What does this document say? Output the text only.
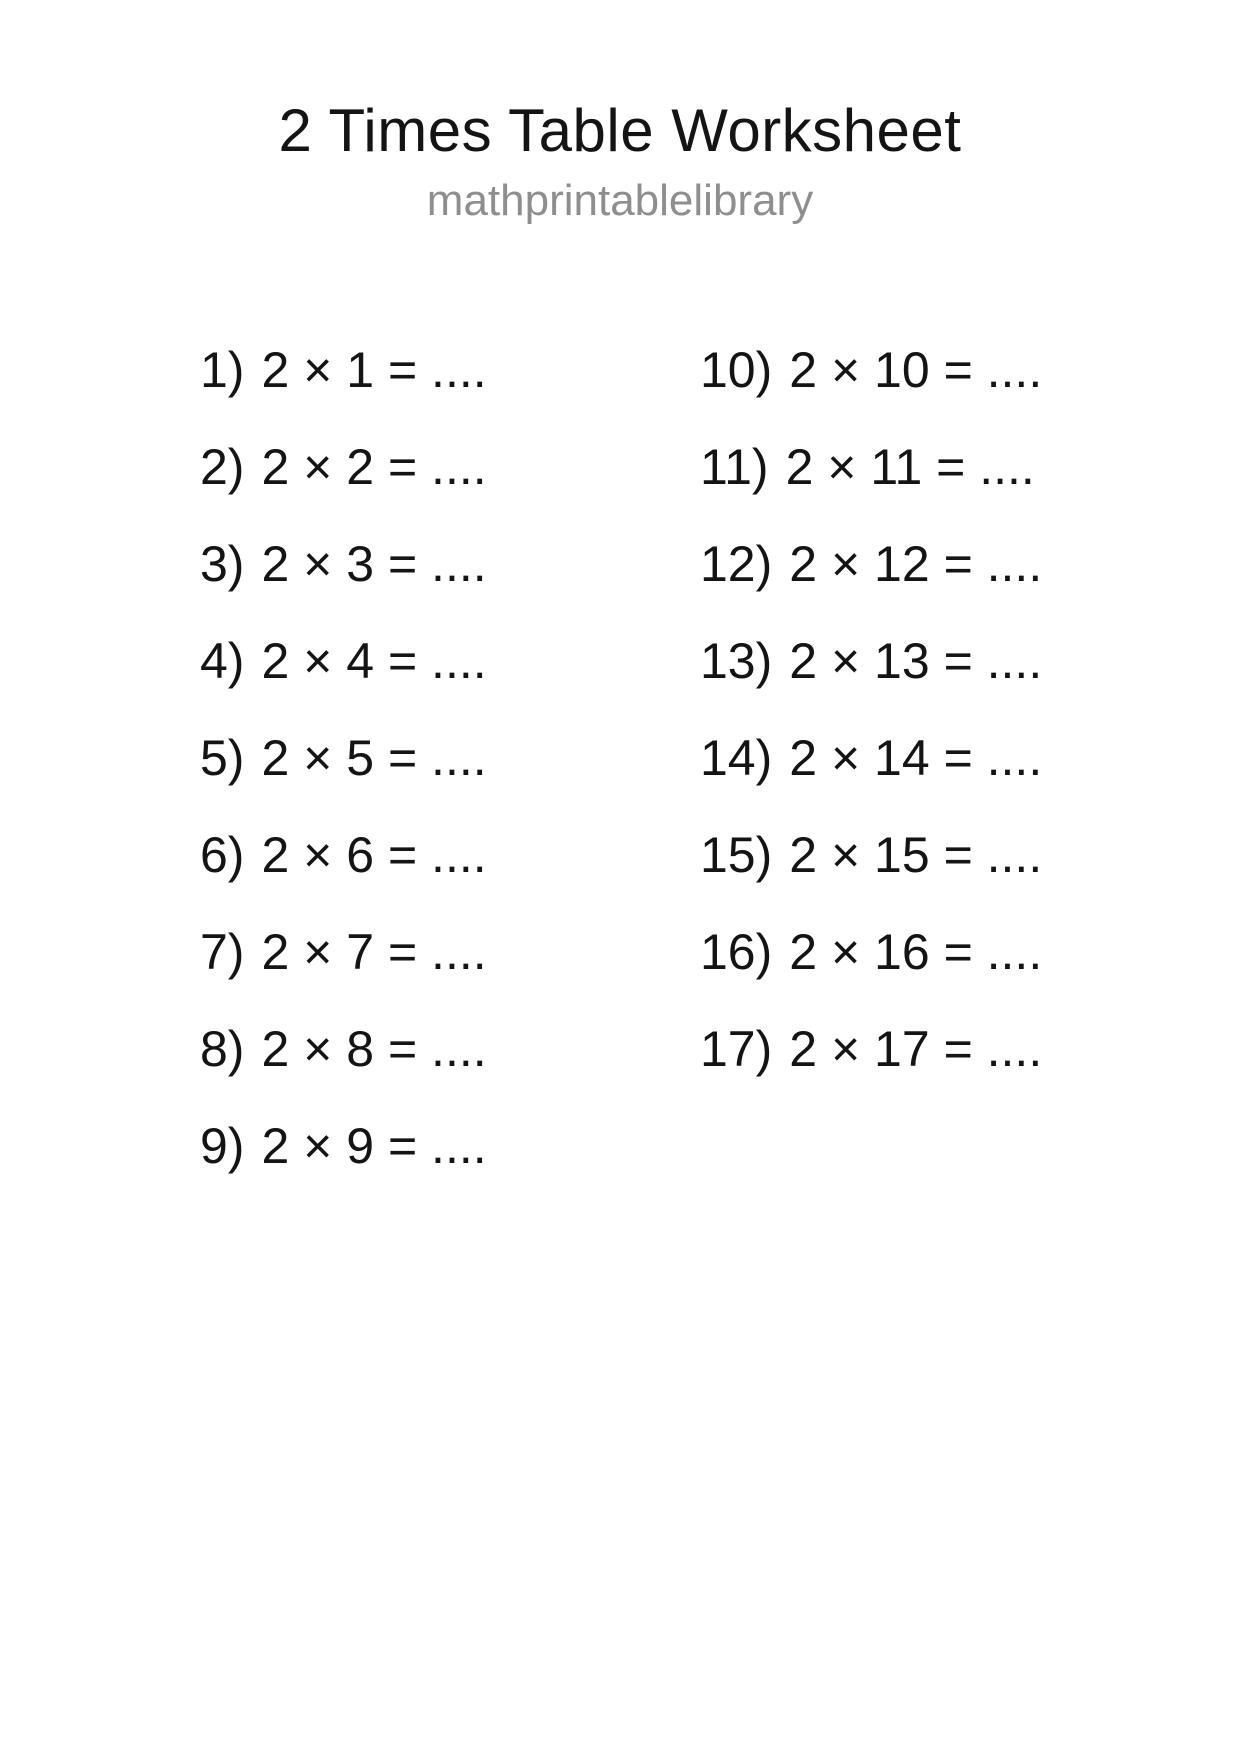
2 Times Table Worksheet
mathprintablelibrary
1) 2 × 1 = ....
2) 2 × 2 = ....
3) 2 × 3 = ....
4) 2 × 4 = ....
5) 2 × 5 = ....
6) 2 × 6 = ....
7) 2 × 7 = ....
8) 2 × 8 = ....
9) 2 × 9 = ....
10) 2 × 10 = ....
11) 2 × 11 = ....
12) 2 × 12 = ....
13) 2 × 13 = ....
14) 2 × 14 = ....
15) 2 × 15 = ....
16) 2 × 16 = ....
17) 2 × 17 = ....
